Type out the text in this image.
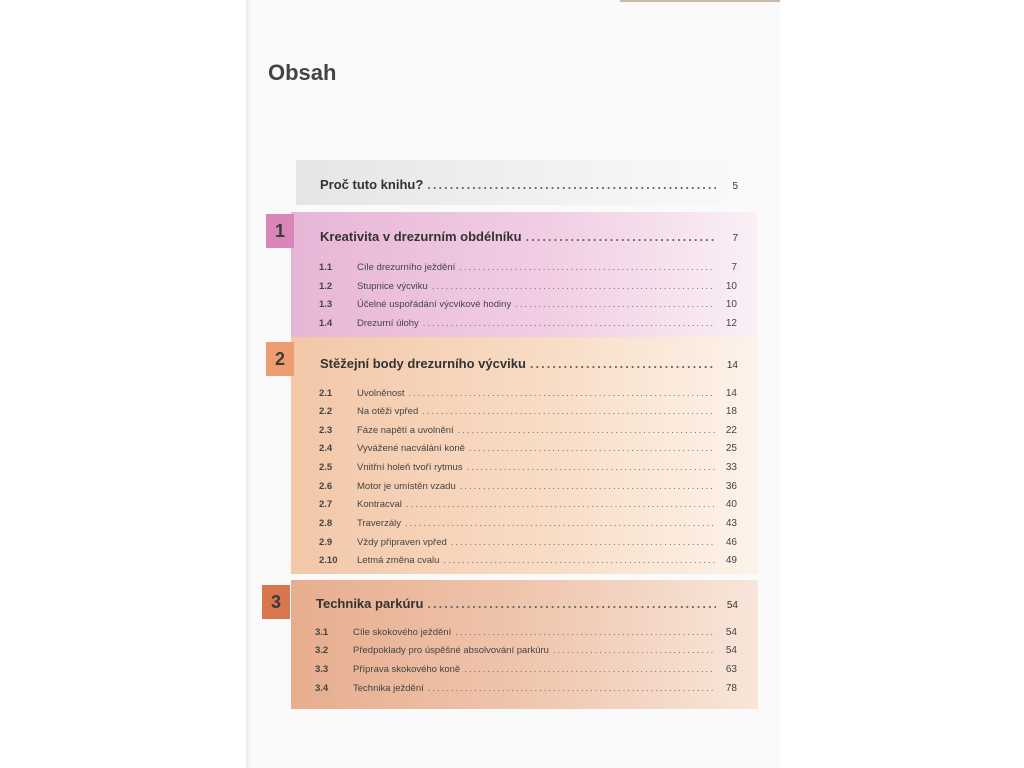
Obsah
Proč tuto knihu? .....	5
1	Kreativita v drezurním obdélníku .....	7
1.1	Cíle drezurního ježdění .....	7
1.2	Stupnice výcviku .....	10
1.3	Účelné uspořádání výcvikové hodiny .....	10
1.4	Drezurní úlohy .....	12
2	Stěžejní body drezurního výcviku .....	14
2.1	Uvolněnost .....	14
2.2	Na otěži vpřed .....	18
2.3	Fáze napětí a uvolnění .....	22
2.4	Vyvážené nacválání koně .....	25
2.5	Vnitřní holeň tvoří rytmus .....	33
2.6	Motor je umístěn vzadu .....	36
2.7	Kontracval .....	40
2.8	Traverzály .....	43
2.9	Vždy připraven vpřed .....	46
2.10 Letmá změna cvalu .....	49
3	Technika parkúru .....	54
3.1	Cíle skokového ježdění .....	54
3.2	Předpoklady pro úspěšné absolvování parkúru .....	54
3.3	Příprava skokového koně .....	63
3.4	Technika ježdění .....	78
